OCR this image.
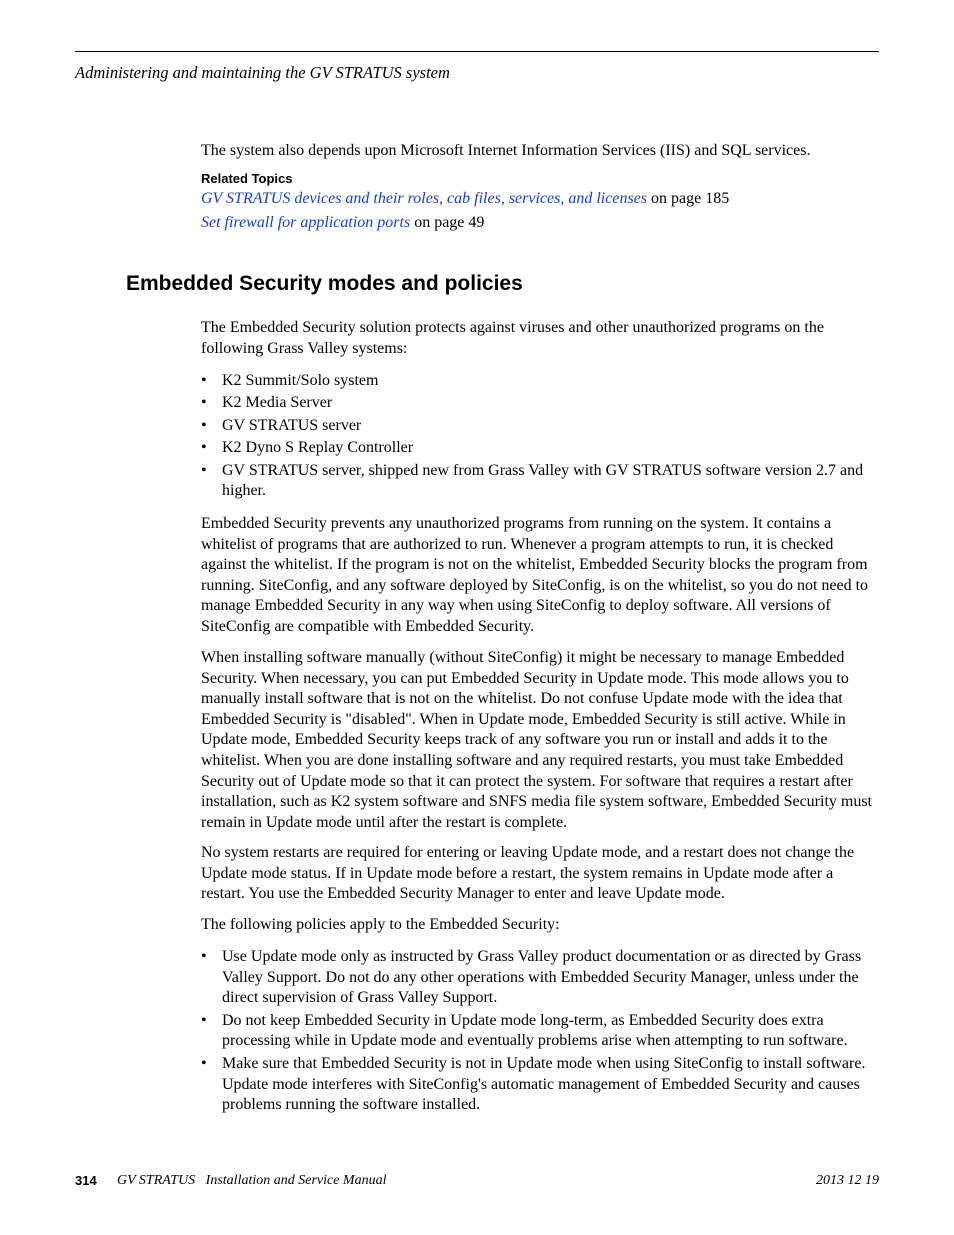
Administering and maintaining the GV STRATUS system

The system also depends upon Microsoft Internet Information Services (IIS) and SQL services.

Related Topics
GV STRATUS devices and their roles, cab files, services, and licenses on page 185
Set firewall for application ports on page 49
Embedded Security modes and policies

The Embedded Security solution protects against viruses and other unauthorized programs on the following Grass Valley systems:

• K2 Summit/Solo system
• K2 Media Server
• GV STRATUS server
• K2 Dyno S Replay Controller
• GV STRATUS server, shipped new from Grass Valley with GV STRATUS software version 2.7 and higher.

Embedded Security prevents any unauthorized programs from running on the system. It contains a whitelist of programs that are authorized to run. Whenever a program attempts to run, it is checked against the whitelist. If the program is not on the whitelist, Embedded Security blocks the program from running. SiteConfig, and any software deployed by SiteConfig, is on the whitelist, so you do not need to manage Embedded Security in any way when using SiteConfig to deploy software. All versions of SiteConfig are compatible with Embedded Security.

When installing software manually (without SiteConfig) it might be necessary to manage Embedded Security. When necessary, you can put Embedded Security in Update mode. This mode allows you to manually install software that is not on the whitelist. Do not confuse Update mode with the idea that Embedded Security is "disabled". When in Update mode, Embedded Security is still active. While in Update mode, Embedded Security keeps track of any software you run or install and adds it to the whitelist. When you are done installing software and any required restarts, you must take Embedded Security out of Update mode so that it can protect the system. For software that requires a restart after installation, such as K2 system software and SNFS media file system software, Embedded Security must remain in Update mode until after the restart is complete.

No system restarts are required for entering or leaving Update mode, and a restart does not change the Update mode status. If in Update mode before a restart, the system remains in Update mode after a restart. You use the Embedded Security Manager to enter and leave Update mode.

The following policies apply to the Embedded Security:

• Use Update mode only as instructed by Grass Valley product documentation or as directed by Grass Valley Support. Do not do any other operations with Embedded Security Manager, unless under the direct supervision of Grass Valley Support.
• Do not keep Embedded Security in Update mode long-term, as Embedded Security does extra processing while in Update mode and eventually problems arise when attempting to run software.
• Make sure that Embedded Security is not in Update mode when using SiteConfig to install software. Update mode interferes with SiteConfig's automatic management of Embedded Security and causes problems running the software installed.
314 GV STRATUS   Installation and Service Manual	2013 12 19
